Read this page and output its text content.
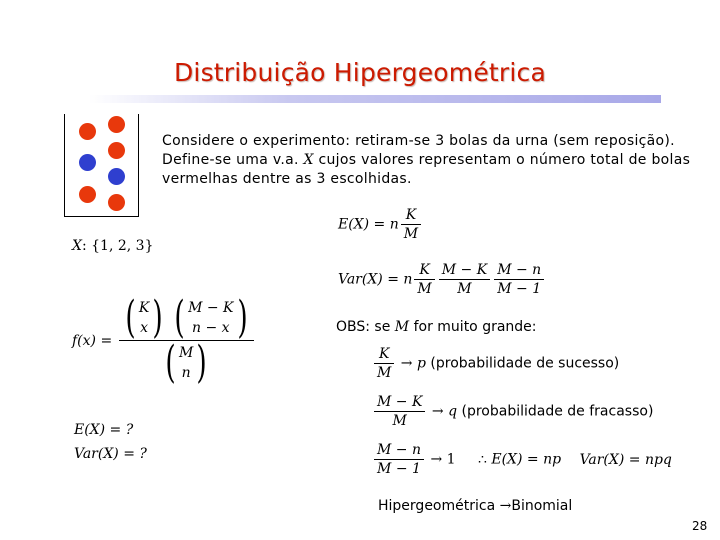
Distribuição Hipergeométrica
Considere o experimento: retiram-se 3 bolas da urna (sem reposição). Define-se uma v.a. X cujos valores representam o número total de bolas vermelhas dentre as 3 escolhidas.
X: {1, 2, 3}
f(x) = ( K
x )
( M − K
n − x )
( M
n )
E(X) = ?
Var(X) = ?
E(X) = n $\frac{K}{M}$
Var(X) = n $\frac{K}{M} \frac{M - K}{M} \frac{M - n}{M - 1}$
OBS: se M for muito grande:
$\frac{K}{M} \to p$ (probabilidade de sucesso)
$\frac{M - K}{M} \to q$ (probabilidade de fracasso)
$\frac{M - n}{M - 1} \to 1$ ∴ E(X) = np Var(X) = npq
Hipergeométrica →Binomial
28
